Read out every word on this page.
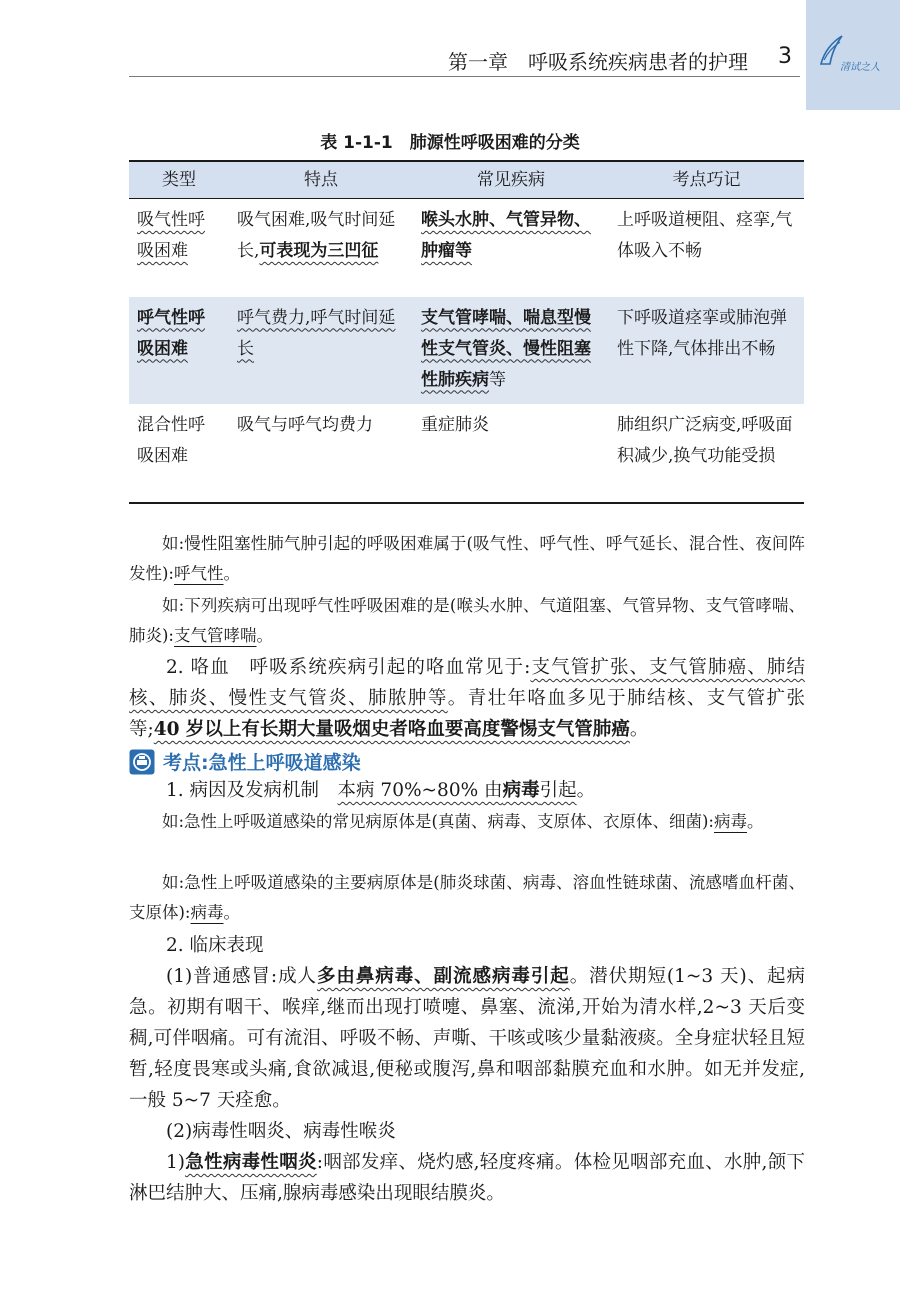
第一章　呼吸系统疾病患者的护理 3	清试之人
表 1-1-1　肺源性呼吸困难的分类
类型	特点	常见疾病	考点巧记
吸气性呼吸困难	吸气困难,吸气时间延长,可表现为三凹征	喉头水肿、气管异物、肿瘤等	上呼吸道梗阻、痉挛,气体吸入不畅
呼气性呼吸困难	呼气费力,呼气时间延长	支气管哮喘、喘息型慢性支气管炎、慢性阻塞性肺疾病等	下呼吸道痉挛或肺泡弹性下降,气体排出不畅
混合性呼吸困难	吸气与呼气均费力	重症肺炎	肺组织广泛病变,呼吸面积减少,换气功能受损

如:慢性阻塞性肺气肿引起的呼吸困难属于(吸气性、呼气性、呼气延长、混合性、夜间阵发性):呼气性。

如:下列疾病可出现呼气性呼吸困难的是(喉头水肿、气道阻塞、气管异物、支气管哮喘、肺炎):支气管哮喘。

2. 咯血　呼吸系统疾病引起的咯血常见于:支气管扩张、支气管肺癌、肺结核、肺炎、慢性支气管炎、肺脓肿等。青壮年咯血多见于肺结核、支气管扩张等;40 岁以上有长期大量吸烟史者咯血要高度警惕支气管肺癌。

考点:急性上呼吸道感染

1. 病因及发病机制　本病 70%~80% 由病毒引起。

如:急性上呼吸道感染的常见病原体是(真菌、病毒、支原体、衣原体、细菌):病毒。

如:急性上呼吸道感染的主要病原体是(肺炎球菌、病毒、溶血性链球菌、流感嗜血杆菌、支原体):病毒。

2. 临床表现

(1)普通感冒:成人多由鼻病毒、副流感病毒引起。潜伏期短(1~3 天)、起病急。初期有咽干、喉痒,继而出现打喷嚏、鼻塞、流涕,开始为清水样,2~3 天后变稠,可伴咽痛。可有流泪、呼吸不畅、声嘶、干咳或咳少量黏液痰。全身症状轻且短暂,轻度畏寒或头痛,食欲减退,便秘或腹泻,鼻和咽部黏膜充血和水肿。如无并发症,一般 5~7 天痊愈。

(2)病毒性咽炎、病毒性喉炎

1)急性病毒性咽炎:咽部发痒、烧灼感,轻度疼痛。体检见咽部充血、水肿,颌下淋巴结肿大、压痛,腺病毒感染出现眼结膜炎。
